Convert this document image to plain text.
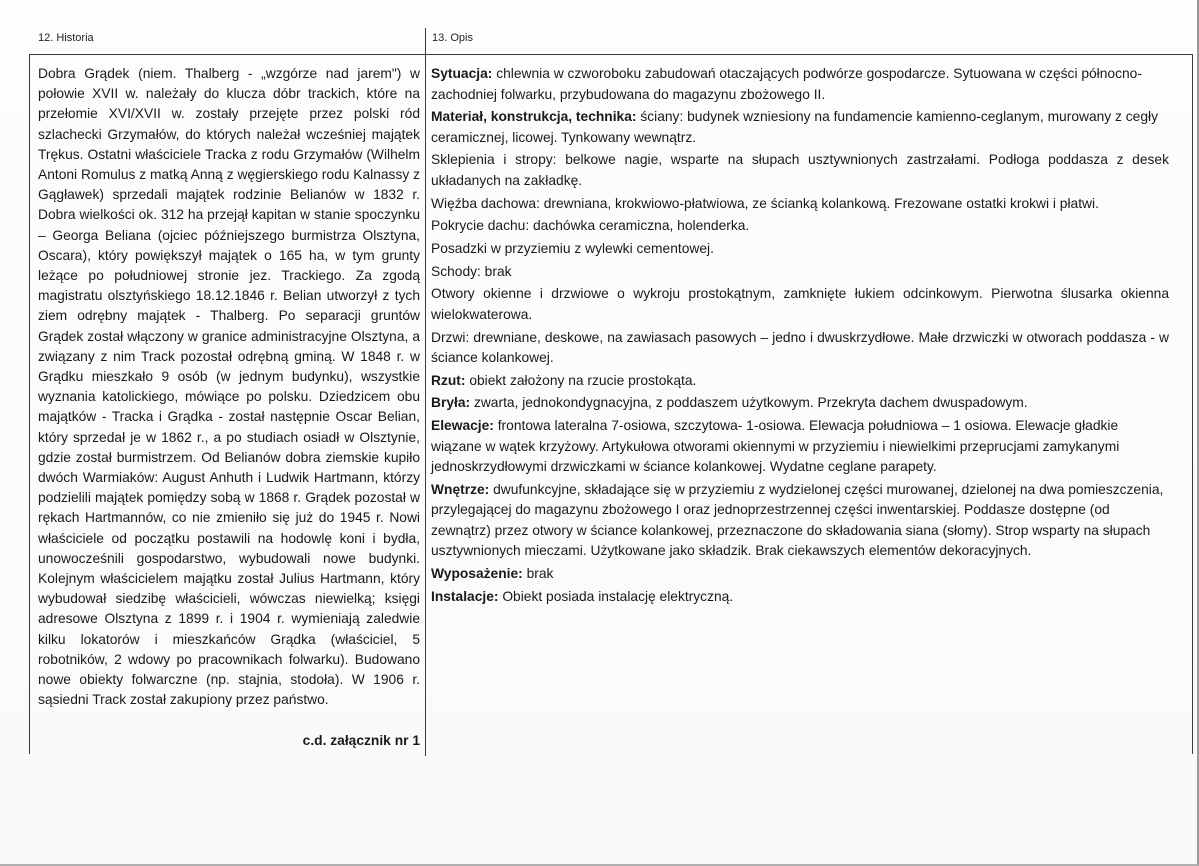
12. Historia	13. Opis

Dobra Grądek (niem. Thalberg - „wzgórze nad jarem") w połowie XVII w. należały do klucza dóbr trackich, które na przełomie XVI/XVII w. zostały przejęte przez polski ród szlachecki Grzymałów, do których należał wcześniej majątek Trękus. Ostatni właściciele Tracka z rodu Grzymałów (Wilhelm Antoni Romulus z matką Anną z węgierskiego rodu Kalnassy z Gągławek) sprzedali majątek rodzinie Belianów w 1832 r. Dobra wielkości ok. 312 ha przejął kapitan w stanie spoczynku – Georga Beliana (ojciec późniejszego burmistrza Olsztyna, Oscara), który powiększył majątek o 165 ha, w tym grunty leżące po południowej stronie jez. Trackiego. Za zgodą magistratu olsztyńskiego 18.12.1846 r. Belian utworzył z tych ziem odrębny majątek - Thalberg. Po separacji gruntów Grądek został włączony w granice administracyjne Olsztyna, a związany z nim Track pozostał odrębną gminą. W 1848 r. w Grądku mieszkało 9 osób (w jednym budynku), wszystkie wyznania katolickiego, mówiące po polsku. Dziedzicem obu majątków - Tracka i Grądka - został następnie Oscar Belian, który sprzedał je w 1862 r., a po studiach osiadł w Olsztynie, gdzie został burmistrzem. Od Belianów dobra ziemskie kupiło dwóch Warmiaków: August Anhuth i Ludwik Hartmann, którzy podzielili majątek pomiędzy sobą w 1868 r. Grądek pozostał w rękach Hartmannów, co nie zmieniło się już do 1945 r. Nowi właściciele od początku postawili na hodowlę koni i bydła, unowocześnili gospodarstwo, wybudowali nowe budynki. Kolejnym właścicielem majątku został Julius Hartmann, który wybudował siedzibę właścicieli, wówczas niewielką; księgi adresowe Olsztyna z 1899 r. i 1904 r. wymieniają zaledwie kilku lokatorów i mieszkańców Grądka (właściciel, 5 robotników, 2 wdowy po pracownikach folwarku). Budowano nowe obiekty folwarczne (np. stajnia, stodoła). W 1906 r. sąsiedni Track został zakupiony przez państwo.

c.d. załącznik nr 1

Sytuacja: chlewnia w czworoboku zabudowań otaczających podwórze gospodarcze. Sytuowana w części północno-zachodniej folwarku, przybudowana do magazynu zbożowego II.

Materiał, konstrukcja, technika: ściany: budynek wzniesiony na fundamencie kamienno-ceglanym, murowany z cegły ceramicznej, licowej. Tynkowany wewnątrz.

Sklepienia i stropy: belkowe nagie, wsparte na słupach usztywnionych zastrzałami. Podłoga poddasza z desek układanych na zakładkę.

Więźba dachowa: drewniana, krokwiowo-płatwiowa, ze ścianką kolankową. Frezowane ostatki krokwi i płatwi.

Pokrycie dachu: dachówka ceramiczna, holenderka.

Posadzki w przyziemiu z wylewki cementowej.

Schody: brak

Otwory okienne i drzwiowe o wykroju prostokątnym, zamknięte łukiem odcinkowym. Pierwotna ślusarka okienna wielokwaterowa.

Drzwi: drewniane, deskowe, na zawiasach pasowych – jedno i dwuskrzydłowe. Małe drzwiczki w otworach poddasza - w ściance kolankowej.

Rzut: obiekt założony na rzucie prostokąta.

Bryła: zwarta, jednokondygnacyjna, z poddaszem użytkowym. Przekryta dachem dwuspadowym.

Elewacje: frontowa lateralna 7-osiowa, szczytowa- 1-osiowa. Elewacja południowa – 1 osiowa. Elewacje gładkie wiązane w wątek krzyżowy. Artykułowa otworami okiennymi w przyziemiu i niewielkimi przeprucjami zamykanymi jednoskrzydłowymi drzwiczkami w ściance kolankowej. Wydatne ceglane parapety.

Wnętrze: dwufunkcyjne, składające się w przyziemiu z wydzielonej części murowanej, dzielonej na dwa pomieszczenia, przylegającej do magazynu zbożowego I oraz jednoprzestrzennej części inwentarskiej. Poddasze dostępne (od zewnątrz) przez otwory w ściance kolankowej, przeznaczone do składowania siana (słomy). Strop wsparty na słupach usztywnionych mieczami. Użytkowane jako składzik. Brak ciekawszych elementów dekoracyjnych.

Wyposażenie: brak

Instalacje: Obiekt posiada instalację elektryczną.
